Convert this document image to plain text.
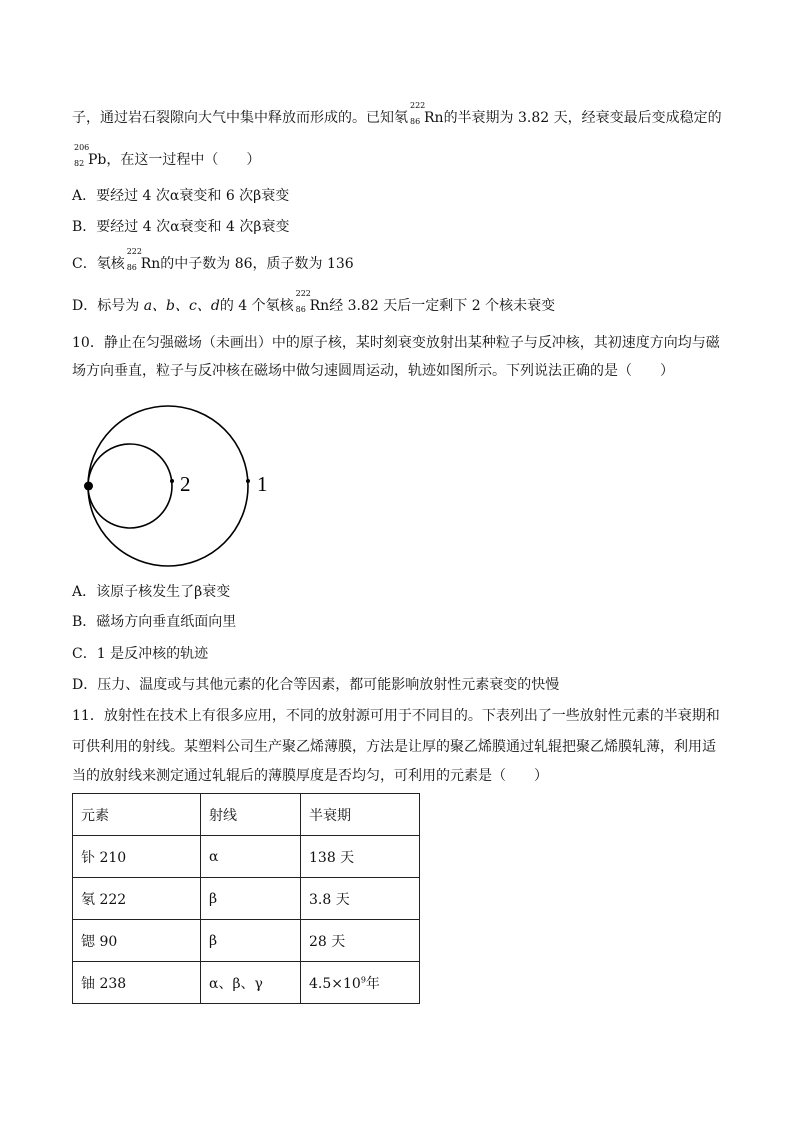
子，通过岩石裂隙向大气中集中释放而形成的。已知氡
222
86 Rn的半衰期为 3.82 天，经衰变最后变成稳定的
206
82 Pb，在这一过程中（　　）
A．要经过 4 次α衰变和 6 次β衰变
B．要经过 4 次α衰变和 4 次β衰变
C．氡核
222
86 Rn的中子数为 86，质子数为 136
D．标号为 a、b、c、d的 4 个氡核
222
86 Rn经 3.82 天后一定剩下 2 个核未衰变
10．静止在匀强磁场（未画出）中的原子核，某时刻衰变放射出某种粒子与反冲核，其初速度方向均与磁
场方向垂直，粒子与反冲核在磁场中做匀速圆周运动，轨迹如图所示。下列说法正确的是（　　）
2	1
A．该原子核发生了β衰变
B．磁场方向垂直纸面向里
C．1 是反冲核的轨迹
D．压力、温度或与其他元素的化合等因素，都可能影响放射性元素衰变的快慢
11．放射性在技术上有很多应用，不同的放射源可用于不同目的。下表列出了一些放射性元素的半衰期和
可供利用的射线。某塑料公司生产聚乙烯薄膜，方法是让厚的聚乙烯膜通过轧辊把聚乙烯膜轧薄，利用适
当的放射线来测定通过轧辊后的薄膜厚度是否均匀，可利用的元素是（　　）
元素	射线	半衰期
钋 210	α	138 天
氡 222	β	3.8 天
锶 90	β	28 天
铀 238	α、β、γ	$4.5\times 10^9$年
